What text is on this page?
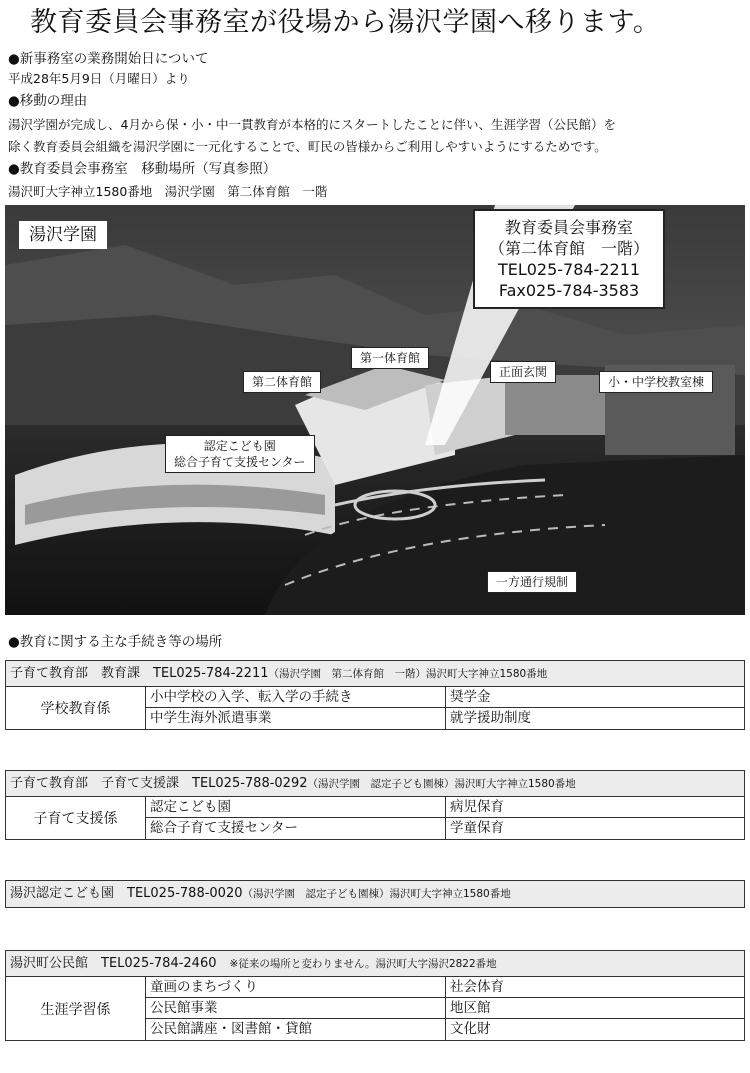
教育委員会事務室が役場から湯沢学園へ移ります。
●新事務室の業務開始日について
平成28年5月9日（月曜日）より
●移動の理由
湯沢学園が完成し、4月から保・小・中一貫教育が本格的にスタートしたことに伴い、生涯学習（公民館）を
除く教育委員会組織を湯沢学園に一元化することで、町民の皆様からご利用しやすいようにするためです。
●教育委員会事務室　移動場所（写真参照）
湯沢町大字神立1580番地　湯沢学園　第二体育館　一階
湯沢学園	教育委員会事務室
（第二体育館　一階）
TEL025-784-2211
Fax025-784-3583
第一体育館
第二体育館
正面玄関
小・中学校教室棟
認定こども園
総合子育て支援センター
一方通行規制
●教育に関する主な手続き等の場所
子育て教育部　教育課　TEL025-784-2211（湯沢学園　第二体育館　一階）湯沢町大字神立1580番地
学校教育係
小中学校の入学、転入学の手続き
中学生海外派遣事業
奨学金
就学援助制度
子育て教育部　子育て支援課　TEL025-788-0292（湯沢学園　認定子ども園棟）湯沢町大字神立1580番地
子育て支援係
認定こども園
総合子育て支援センター
病児保育
学童保育
湯沢認定こども園　TEL025-788-0020（湯沢学園　認定子ども園棟）湯沢町大字神立1580番地
湯沢町公民館　TEL025-784-2460　 ※従来の場所と変わりません。湯沢町大字湯沢2822番地
生涯学習係
童画のまちづくり
公民館事業
公民館講座・図書館・貸館
社会体育
地区館
文化財
